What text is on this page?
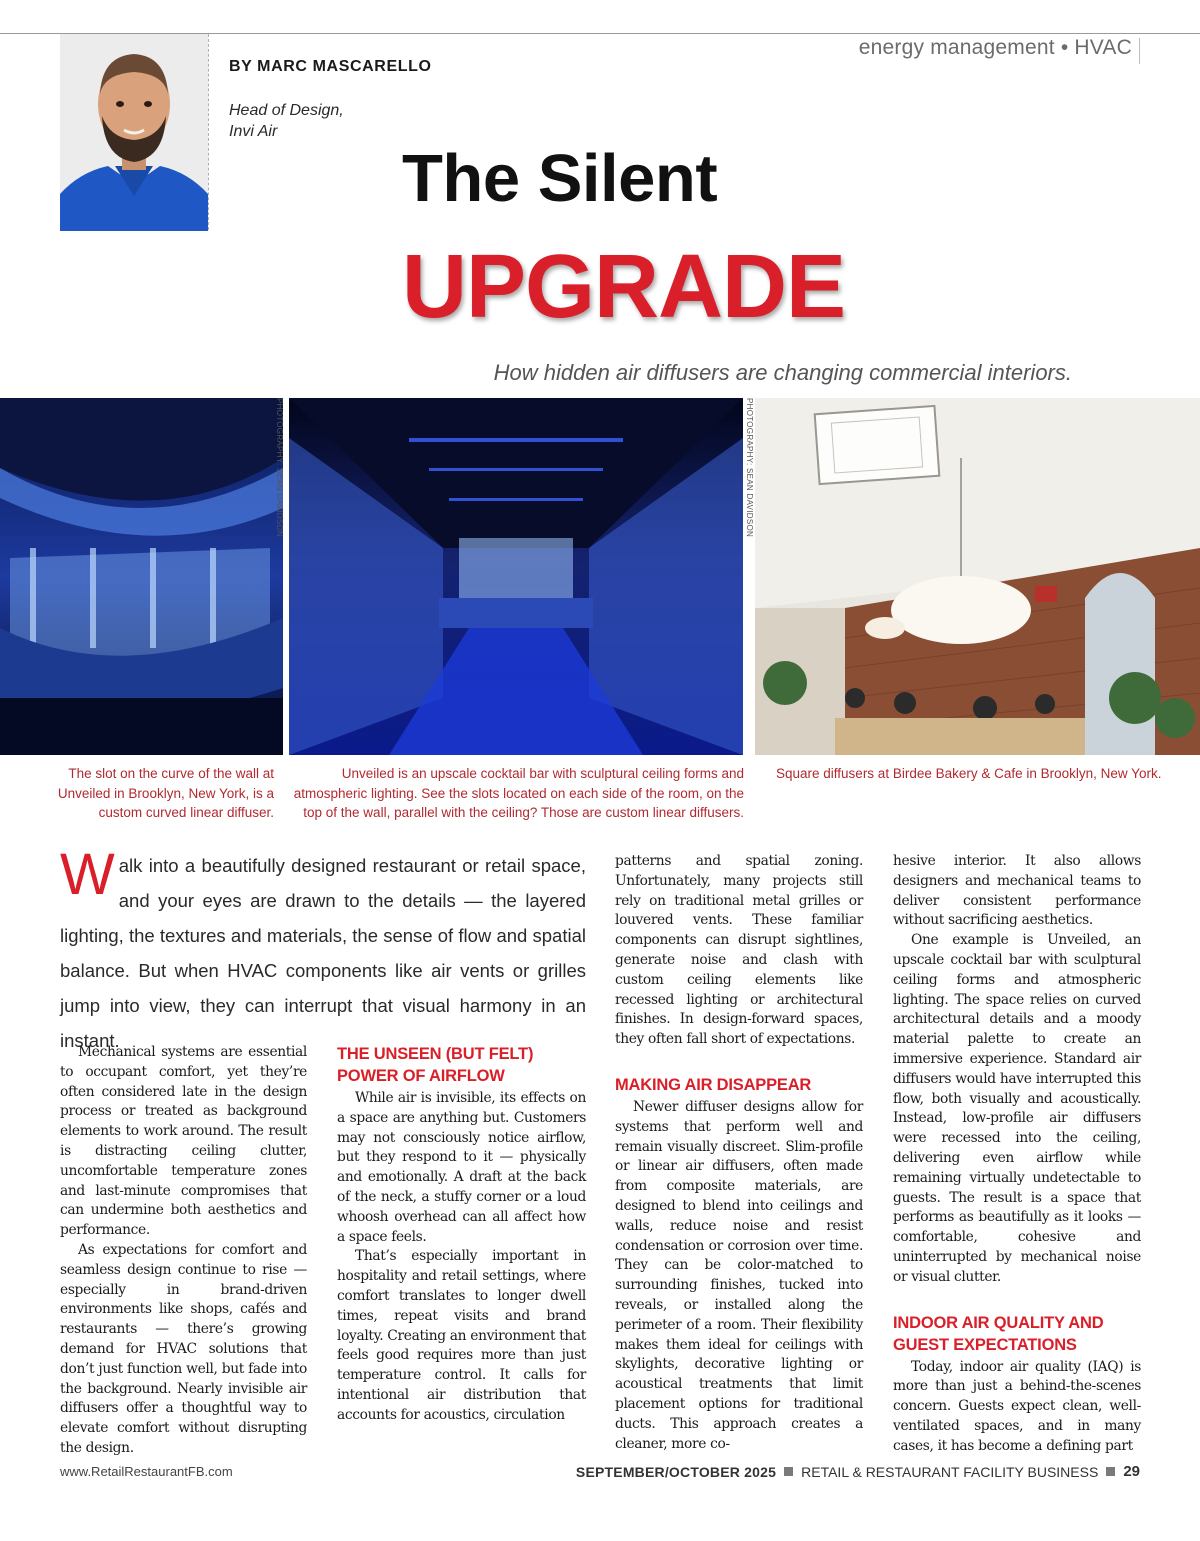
energy management • HVAC
BY MARC MASCARELLO
Head of Design,
Invi Air
The Silent
UPGRADE
How hidden air diffusers are changing commercial interiors.
PHOTOGRAPHY: SEAN DAVIDSON	PHOTOGRAPHY: SEAN DAVIDSON
The slot on the curve of the wall at Unveiled in Brooklyn, New York, is a custom curved linear diffuser.
Unveiled is an upscale cocktail bar with sculptural ceiling forms and atmospheric lighting. See the slots located on each side of the room, on the top of the wall, parallel with the ceiling? Those are custom linear diffusers.
Square diffusers at Birdee Bakery & Cafe in Brooklyn, New York.
Walk into a beautifully designed restaurant or retail space, and your eyes are drawn to the details — the layered lighting, the textures and materials, the sense of flow and spatial balance. But when HVAC components like air vents or grilles jump into view, they can interrupt that visual harmony in an instant.

Mechanical systems are essential to occupant comfort, yet they’re often considered late in the design process or treated as background elements to work around. The result is distracting ceiling clutter, uncomfortable temperature zones and last-minute compromises that can undermine both aesthetics and performance.

As expectations for comfort and seamless design continue to rise — especially in brand-driven environments like shops, cafés and restaurants — there’s growing demand for HVAC solutions that don’t just function well, but fade into the background. Nearly invisible air diffusers offer a thoughtful way to elevate comfort without disrupting the design.

THE UNSEEN (BUT FELT) POWER OF AIRFLOW

While air is invisible, its effects on a space are anything but. Customers may not consciously notice airflow, but they respond to it — physically and emotionally. A draft at the back of the neck, a stuffy corner or a loud whoosh overhead can all affect how a space feels.

That’s especially important in hospitality and retail settings, where comfort translates to longer dwell times, repeat visits and brand loyalty. Creating an environment that feels good requires more than just temperature control. It calls for intentional air distribution that accounts for acoustics, circulation

patterns and spatial zoning. Unfortunately, many projects still rely on traditional metal grilles or louvered vents. These familiar components can disrupt sightlines, generate noise and clash with custom ceiling elements like recessed lighting or architectural finishes. In design-forward spaces, they often fall short of expectations.

MAKING AIR DISAPPEAR

Newer diffuser designs allow for systems that perform well and remain visually discreet. Slim-profile or linear air diffusers, often made from composite materials, are designed to blend into ceilings and walls, reduce noise and resist condensation or corrosion over time. They can be color-matched to surrounding finishes, tucked into reveals, or installed along the perimeter of a room. Their flexibility makes them ideal for ceilings with skylights, decorative lighting or acoustical treatments that limit placement options for traditional ducts. This approach creates a cleaner, more co-

hesive interior. It also allows designers and mechanical teams to deliver consistent performance without sacrificing aesthetics.

One example is Unveiled, an upscale cocktail bar with sculptural ceiling forms and atmospheric lighting. The space relies on curved architectural details and a moody material palette to create an immersive experience. Standard air diffusers would have interrupted this flow, both visually and acoustically. Instead, low-profile air diffusers were recessed into the ceiling, delivering even airflow while remaining virtually undetectable to guests. The result is a space that performs as beautifully as it looks — comfortable, cohesive and uninterrupted by mechanical noise or visual clutter.

INDOOR AIR QUALITY AND GUEST EXPECTATIONS

Today, indoor air quality (IAQ) is more than just a behind-the-scenes concern. Guests expect clean, well-ventilated spaces, and in many cases, it has become a defining part

www.RetailRestaurantFB.com	SEPTEMBER/OCTOBER 2025 RETAIL & RESTAURANT FACILITY BUSINESS 29
